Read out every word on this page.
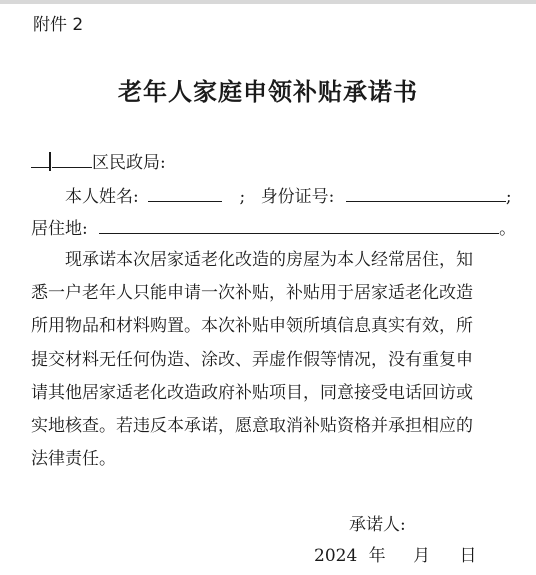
附件 2
老年人家庭申领补贴承诺书
区民政局:
本人姓名:	; 身份证号:	;
居住地:	。
现承诺本次居家适老化改造的房屋为本人经常居住，知
悉一户老年人只能申请一次补贴，补贴用于居家适老化改造
所用物品和材料购置。本次补贴申领所填信息真实有效，所
提交材料无任何伪造、涂改、弄虚作假等情况，没有重复申
请其他居家适老化改造政府补贴项目，同意接受电话回访或
实地核查。若违反本承诺，愿意取消补贴资格并承担相应的
法律责任。
承诺人:
2024 年 月 日
